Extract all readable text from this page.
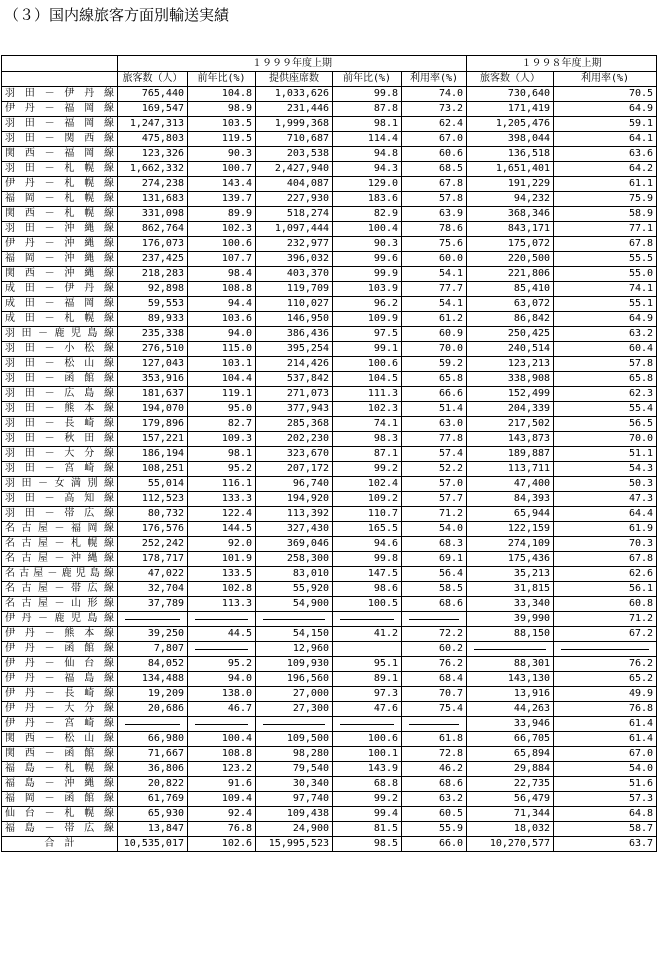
（３）国内線旅客方面別輸送実績
	１９９９年度上期					１９９８年度上期	
	旅客数（人）	前年比(%)	提供座席数	前年比(%)	利用率(%)	旅客数（人）	利用率(%)
羽田－伊丹線	765,440	104.8	1,033,626	99.8	74.0	730,640	70.5
伊丹－福岡線	169,547	98.9	231,446	87.8	73.2	171,419	64.9
羽田－福岡線	1,247,313	103.5	1,999,368	98.1	62.4	1,205,476	59.1
羽田－関西線	475,803	119.5	710,687	114.4	67.0	398,044	64.1
関西－福岡線	123,326	90.3	203,538	94.8	60.6	136,518	63.6
羽田－札幌線	1,662,332	100.7	2,427,940	94.3	68.5	1,651,401	64.2
伊丹－札幌線	274,238	143.4	404,087	129.0	67.8	191,229	61.1
福岡－札幌線	131,683	139.7	227,930	183.6	57.8	94,232	75.9
関西－札幌線	331,098	89.9	518,274	82.9	63.9	368,346	58.9
羽田－沖縄線	862,764	102.3	1,097,444	100.4	78.6	843,171	77.1
伊丹－沖縄線	176,073	100.6	232,977	90.3	75.6	175,072	67.8
福岡－沖縄線	237,425	107.7	396,032	99.6	60.0	220,500	55.5
関西－沖縄線	218,283	98.4	403,370	99.9	54.1	221,806	55.0
成田－伊丹線	92,898	108.8	119,709	103.9	77.7	85,410	74.1
成田－福岡線	59,553	94.4	110,027	96.2	54.1	63,072	55.1
成田－札幌線	89,933	103.6	146,950	109.9	61.2	86,842	64.9
羽田－鹿児島線	235,338	94.0	386,436	97.5	60.9	250,425	63.2
羽田－小松線	276,510	115.0	395,254	99.1	70.0	240,514	60.4
羽田－松山線	127,043	103.1	214,426	100.6	59.2	123,213	57.8
羽田－函館線	353,916	104.4	537,842	104.5	65.8	338,908	65.8
羽田－広島線	181,637	119.1	271,073	111.3	66.6	152,499	62.3
羽田－熊本線	194,070	95.0	377,943	102.3	51.4	204,339	55.4
羽田－長崎線	179,896	82.7	285,368	74.1	63.0	217,502	56.5
羽田－秋田線	157,221	109.3	202,230	98.3	77.8	143,873	70.0
羽田－大分線	186,194	98.1	323,670	87.1	57.4	189,887	51.1
羽田－宮崎線	108,251	95.2	207,172	99.2	52.2	113,711	54.3
羽田－女満別線	55,014	116.1	96,740	102.4	57.0	47,400	50.3
羽田－高知線	112,523	133.3	194,920	109.2	57.7	84,393	47.3
羽田－帯広線	80,732	122.4	113,392	110.7	71.2	65,944	64.4
名古屋－福岡線	176,576	144.5	327,430	165.5	54.0	122,159	61.9
名古屋－札幌線	252,242	92.0	369,046	94.6	68.3	274,109	70.3
名古屋－沖縄線	178,717	101.9	258,300	99.8	69.1	175,436	67.8
名古屋－鹿児島線	47,022	133.5	83,010	147.5	56.4	35,213	62.6
名古屋－帯広線	32,704	102.8	55,920	98.6	58.5	31,815	56.1
名古屋－山形線	37,789	113.3	54,900	100.5	68.6	33,340	60.8
伊丹－鹿児島線						39,990	71.2
伊丹－熊本線	39,250	44.5	54,150	41.2	72.2	88,150	67.2
伊丹－函館線	7,807		12,960		60.2	

伊丹－仙台線	84,052	95.2	109,930	95.1	76.2	88,301	76.2
伊丹－福島線	134,488	94.0	196,560	89.1	68.4	143,130	65.2
伊丹－長崎線	19,209	138.0	27,000	97.3	70.7	13,916	49.9
伊丹－大分線	20,686	46.7	27,300	47.6	75.4	44,263	76.8
伊丹－宮崎線						33,946	61.4
関西－松山線	66,980	100.4	109,500	100.6	61.8	66,705	61.4
関西－函館線	71,667	108.8	98,280	100.1	72.8	65,894	67.0
福島－札幌線	36,806	123.2	79,540	143.9	46.2	29,884	54.0
福島－沖縄線	20,822	91.6	30,340	68.8	68.6	22,735	51.6
福岡－函館線	61,769	109.4	97,740	99.2	63.2	56,479	57.3
仙台－札幌線	65,930	92.4	109,438	99.4	60.5	71,344	64.8
福島－帯広線	13,847	76.8	24,900	81.5	55.9	18,032	58.7
合　計	10,535,017	102.6	15,995,523	98.5	66.0	10,270,577	63.7
